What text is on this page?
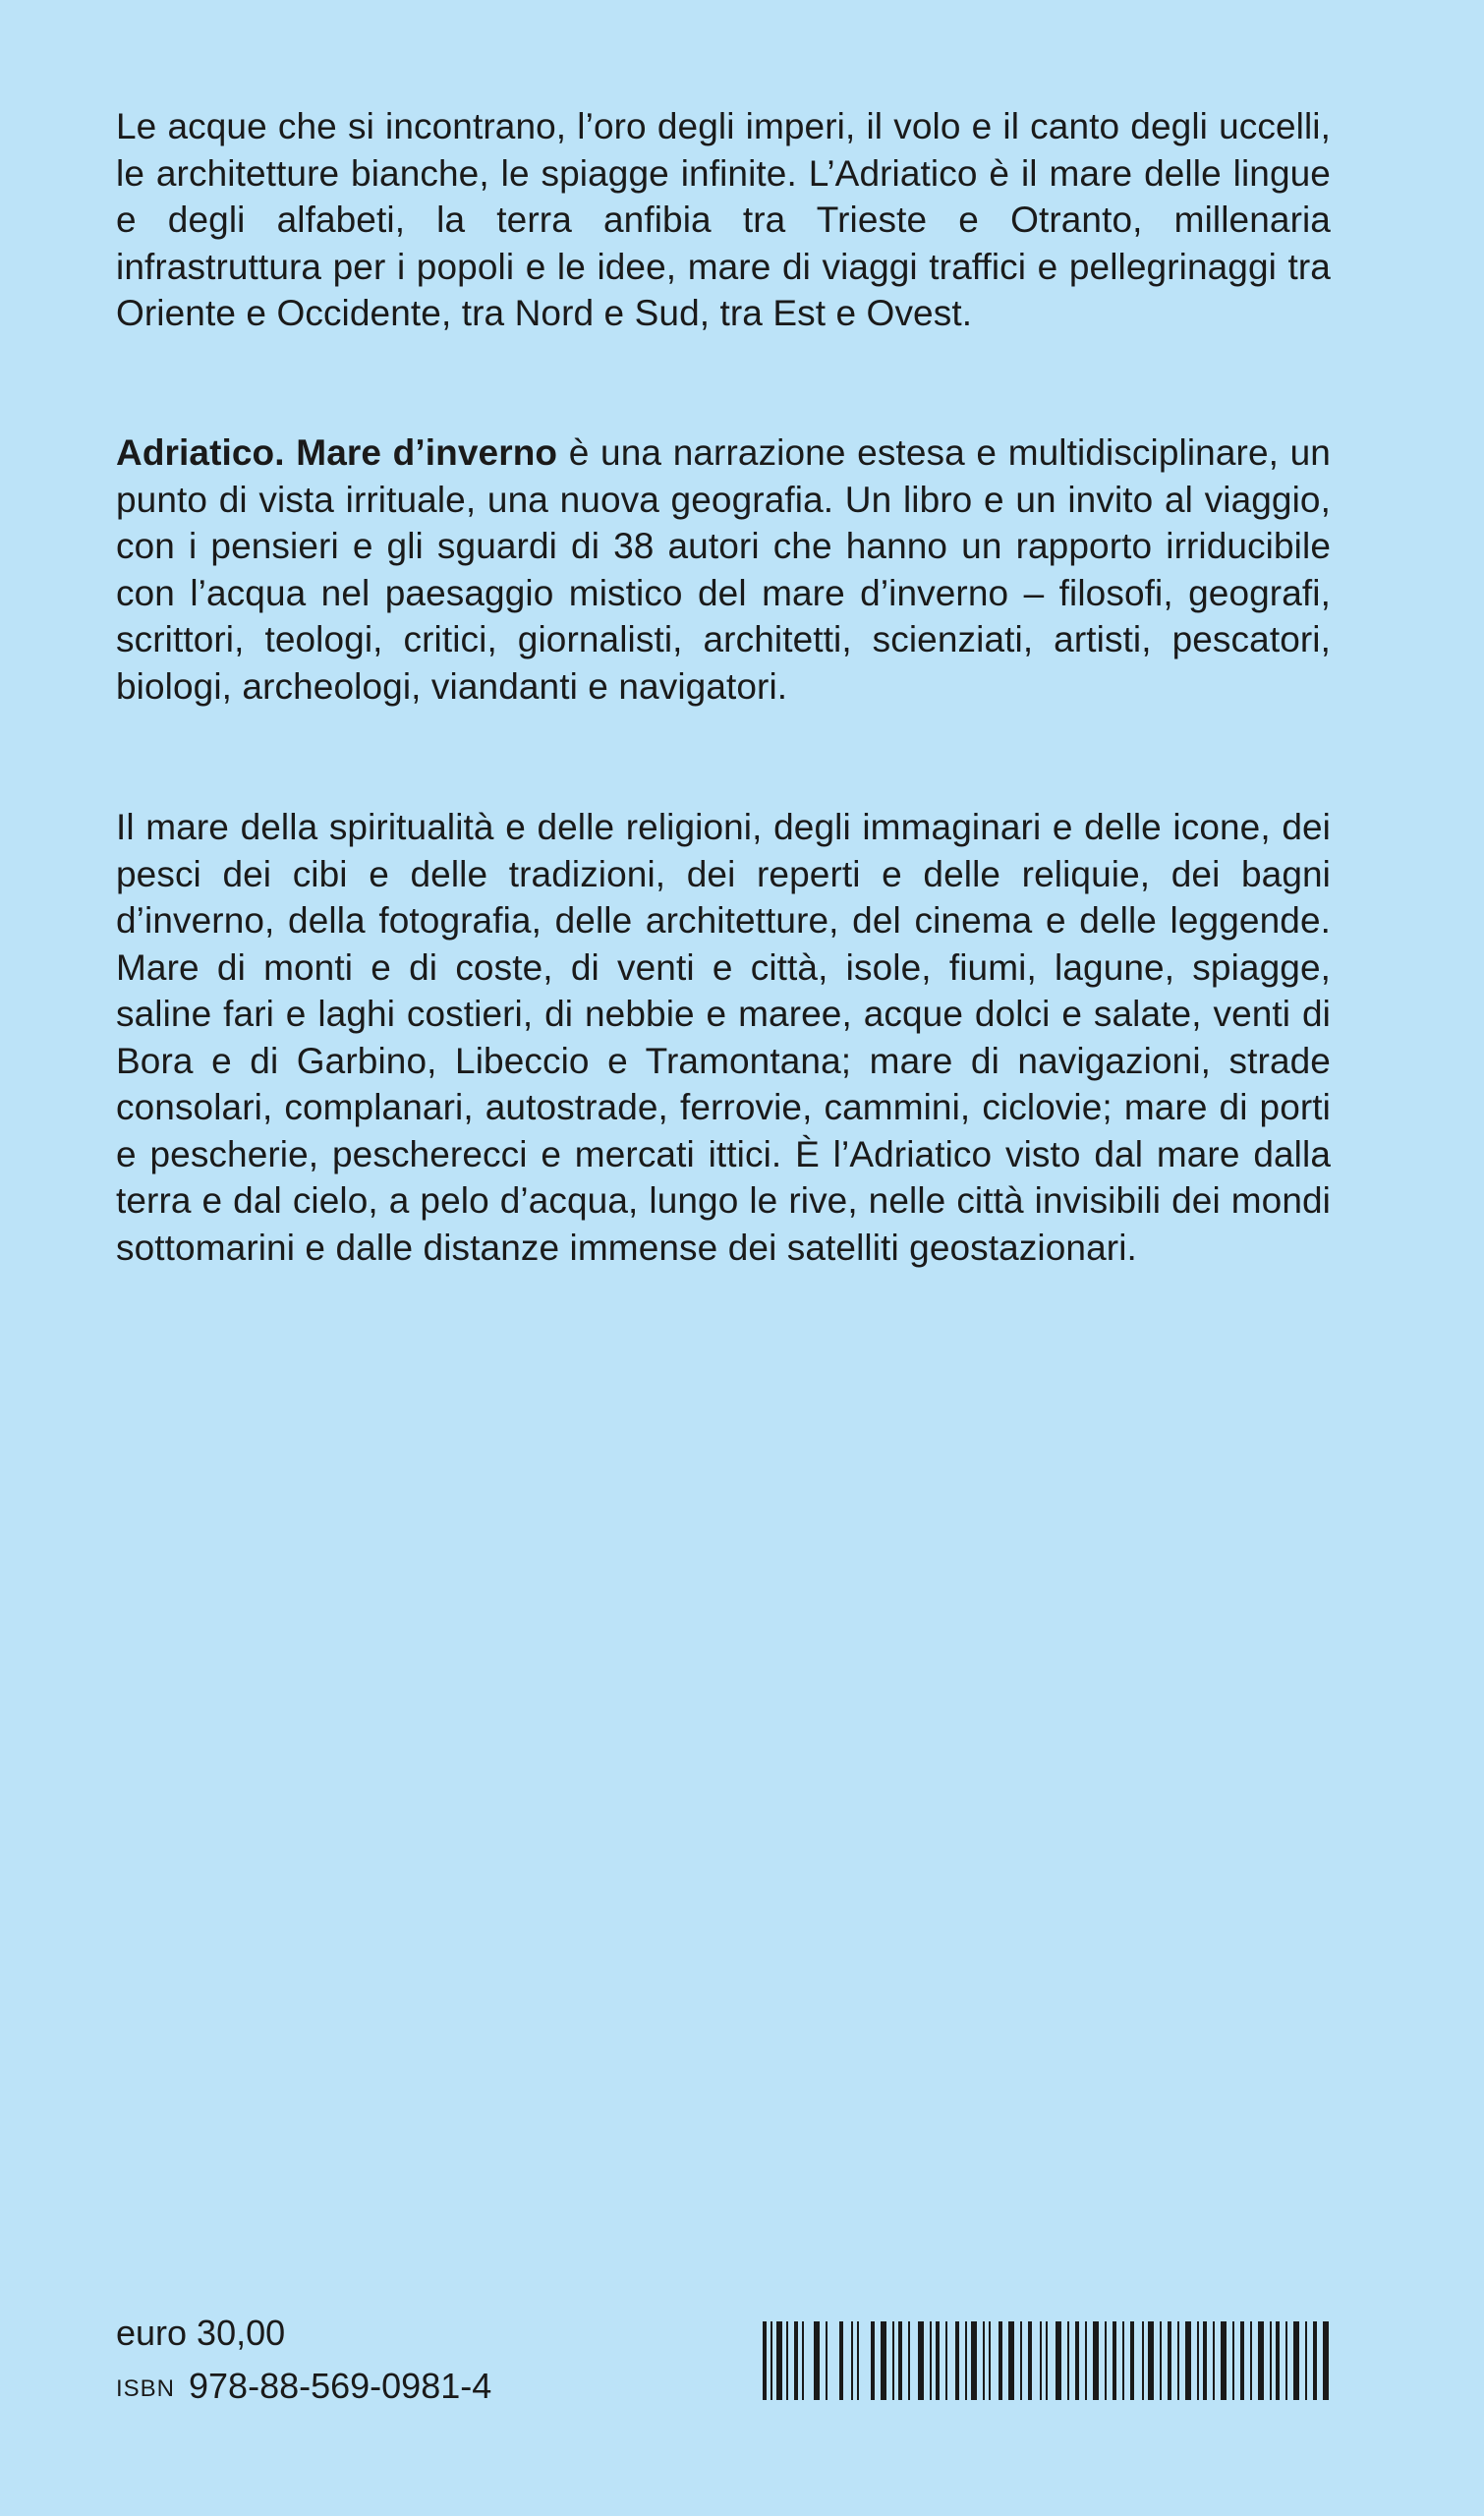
Le acque che si incontrano, l’oro degli imperi, il volo e il canto degli uccelli, le architetture bianche, le spiagge infinite. L’Adriatico è il mare delle lingue e degli alfabeti, la terra anfibia tra Trieste e Otranto, millenaria infrastruttura per i popoli e le idee, mare di viaggi traffici e pellegrinaggi tra Oriente e Occidente, tra Nord e Sud, tra Est e Ovest.

Adriatico. Mare d’inverno è una narrazione estesa e multidisciplinare, un punto di vista irrituale, una nuova geografia. Un libro e un invito al viaggio, con i pensieri e gli sguardi di 38 autori che hanno un rapporto irriducibile con l’acqua nel paesaggio mistico del mare d’inverno – filosofi, geografi, scrittori, teologi, critici, giornalisti, architetti, scienziati, artisti, pescatori, biologi, archeologi, viandanti e navigatori.

Il mare della spiritualità e delle religioni, degli immaginari e delle icone, dei pesci dei cibi e delle tradizioni, dei reperti e delle reliquie, dei bagni d’inverno, della fotografia, delle architetture, del cinema e delle leggende. Mare di monti e di coste, di venti e città, isole, fiumi, lagune, spiagge, saline fari e laghi costieri, di nebbie e maree, acque dolci e salate, venti di Bora e di Garbino, Libeccio e Tramontana; mare di navigazioni, strade consolari, complanari, autostrade, ferrovie, cammini, ciclovie; mare di porti e pescherie, pescherecci e mercati ittici. È l’Adriatico visto dal mare dalla terra e dal cielo, a pelo d’acqua, lungo le rive, nelle città invisibili dei mondi sottomarini e dalle distanze immense dei satelliti geostazionari.

euro 30,00
ISBN 978-88-569-0981-4
